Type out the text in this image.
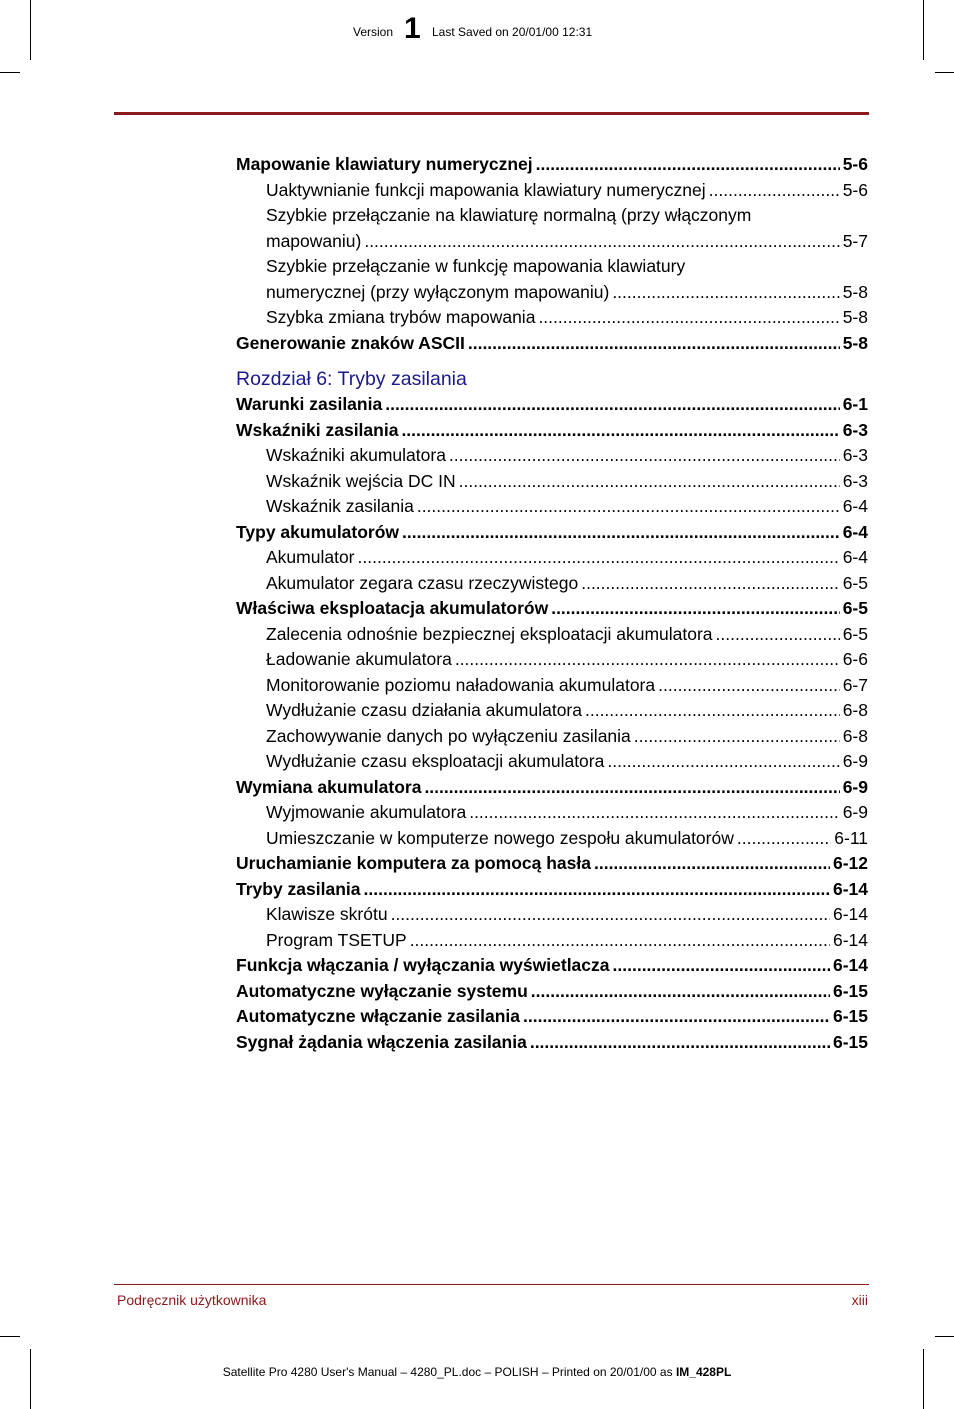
Version 1 Last Saved on 20/01/00 12:31
Mapowanie klawiatury numerycznej .....	5-6
Uaktywnianie funkcji mapowania klawiatury numerycznej .....	5-6
Szybkie przełączanie na klawiaturę normalną (przy włączonym
mapowaniu) .....	5-7
Szybkie przełączanie w funkcję mapowania klawiatury
numerycznej (przy wyłączonym mapowaniu) .....	5-8
Szybka zmiana trybów mapowania .....	5-8
Generowanie znaków ASCII .....	5-8
Rozdział 6: Tryby zasilania
Warunki zasilania .....	6-1
Wskaźniki zasilania .....	6-3
Wskaźniki akumulatora .....	6-3
Wskaźnik wejścia DC IN .....	6-3
Wskaźnik zasilania .....	6-4
Typy akumulatorów .....	6-4
Akumulator .....	6-4
Akumulator zegara czasu rzeczywistego .....	6-5
Właściwa eksploatacja akumulatorów .....	6-5
Zalecenia odnośnie bezpiecznej eksploatacji akumulatora .....	6-5
Ładowanie akumulatora .....	6-6
Monitorowanie poziomu naładowania akumulatora .....	6-7
Wydłużanie czasu działania akumulatora .....	6-8
Zachowywanie danych po wyłączeniu zasilania .....	6-8
Wydłużanie czasu eksploatacji akumulatora .....	6-9
Wymiana akumulatora .....	6-9
Wyjmowanie akumulatora .....	6-9
Umieszczanie w komputerze nowego zespołu akumulatorów .....	6-11
Uruchamianie komputera za pomocą hasła .....	6-12
Tryby zasilania .....	6-14
Klawisze skrótu .....	6-14
Program TSETUP .....	6-14
Funkcja włączania / wyłączania wyświetlacza .....	6-14
Automatyczne wyłączanie systemu .....	6-15
Automatyczne włączanie zasilania .....	6-15
Sygnał żądania włączenia zasilania .....	6-15
Podręcznik użytkownika	xiii
Satellite Pro 4280 User's Manual – 4280_PL.doc – POLISH – Printed on 20/01/00 as IM_428PL
